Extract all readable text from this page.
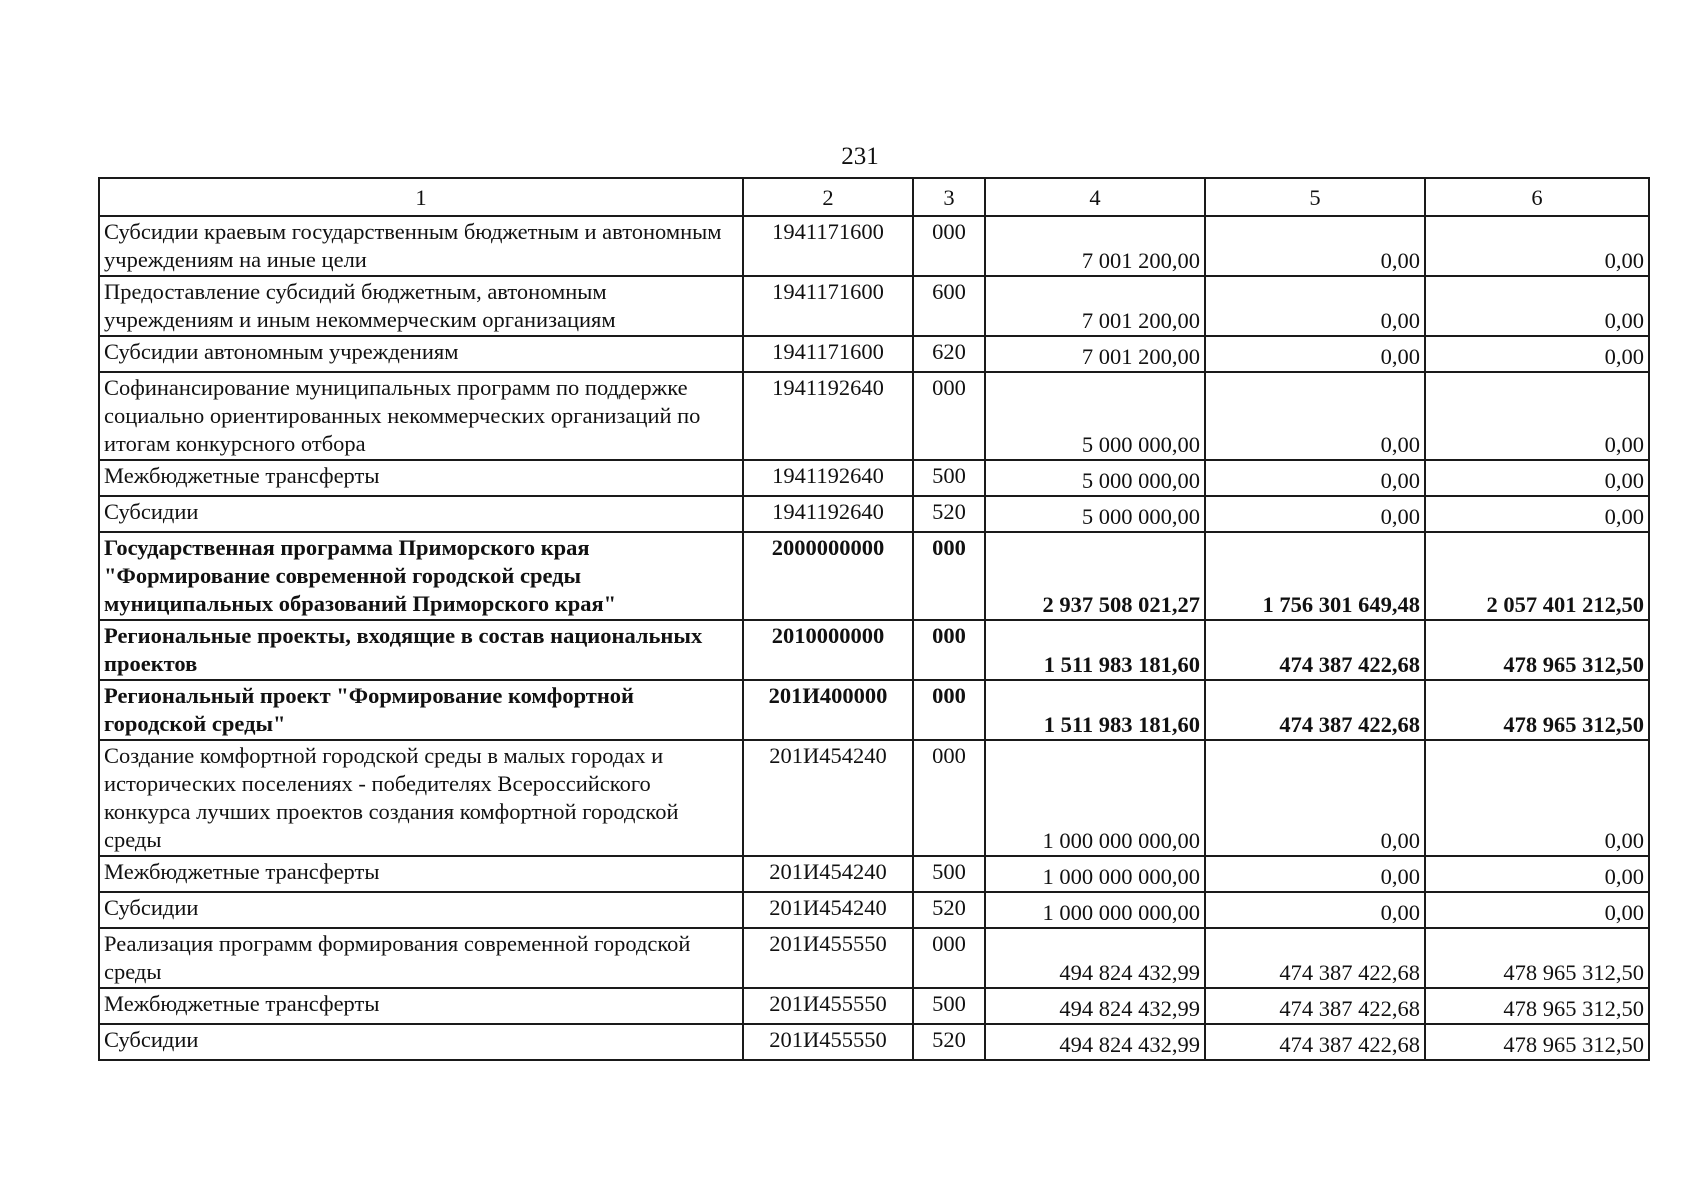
231
1	2	3	4	5	6
Субсидии краевым государственным бюджетным и автономным учреждениям на иные цели	1941171600	000	7 001 200,00	0,00	0,00
Предоставление субсидий бюджетным, автономным учреждениям и иным некоммерческим организациям	1941171600	600	7 001 200,00	0,00	0,00
Субсидии автономным учреждениям	1941171600	620	7 001 200,00	0,00	0,00
Софинансирование муниципальных программ по поддержке социально ориентированных некоммерческих организаций по итогам конкурсного отбора	1941192640	000	5 000 000,00	0,00	0,00
Межбюджетные трансферты	1941192640	500	5 000 000,00	0,00	0,00
Субсидии	1941192640	520	5 000 000,00	0,00	0,00
Государственная программа Приморского края "Формирование современной городской среды муниципальных образований Приморского края"	2000000000	000	2 937 508 021,27	1 756 301 649,48	2 057 401 212,50
Региональные проекты, входящие в состав национальных проектов	2010000000	000	1 511 983 181,60	474 387 422,68	478 965 312,50
Региональный проект "Формирование комфортной городской среды"	201И400000	000	1 511 983 181,60	474 387 422,68	478 965 312,50
Создание комфортной городской среды в малых городах и исторических поселениях - победителях Всероссийского конкурса лучших проектов создания комфортной городской среды	201И454240	000	1 000 000 000,00	0,00	0,00
Межбюджетные трансферты	201И454240	500	1 000 000 000,00	0,00	0,00
Субсидии	201И454240	520	1 000 000 000,00	0,00	0,00
Реализация программ формирования современной городской среды	201И455550	000	494 824 432,99	474 387 422,68	478 965 312,50
Межбюджетные трансферты	201И455550	500	494 824 432,99	474 387 422,68	478 965 312,50
Субсидии	201И455550	520	494 824 432,99	474 387 422,68	478 965 312,50
